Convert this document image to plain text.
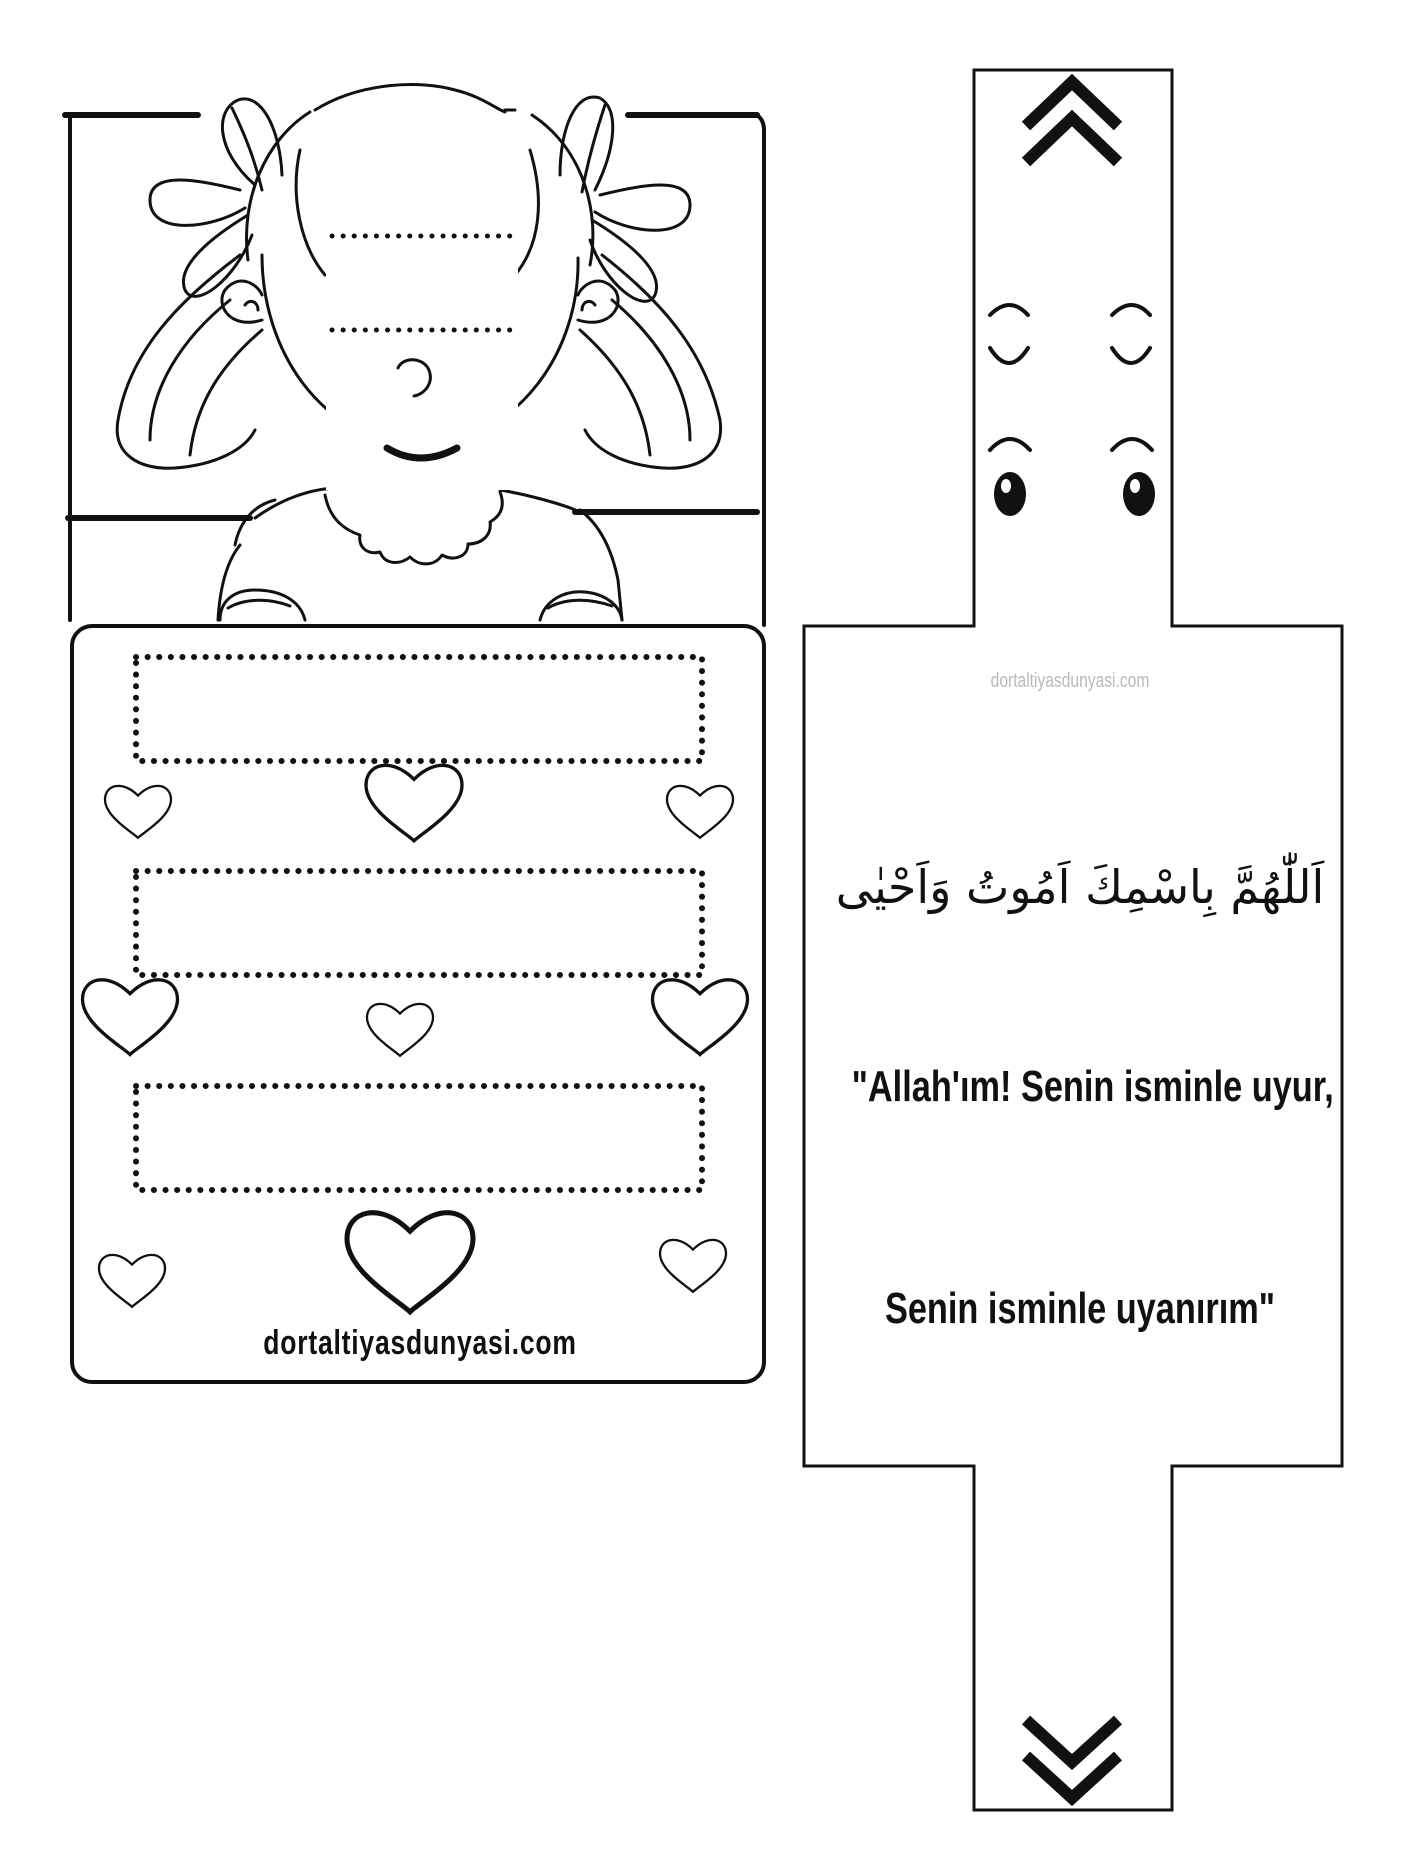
dortaltiyasdunyasi.com
dortaltiyasdunyasi.com
اَللّٰهُمَّ بِاسْمِكَ اَمُوتُ وَاَحْيٰى
"Allah'ım! Senin isminle uyur,
Senin isminle uyanırım"
